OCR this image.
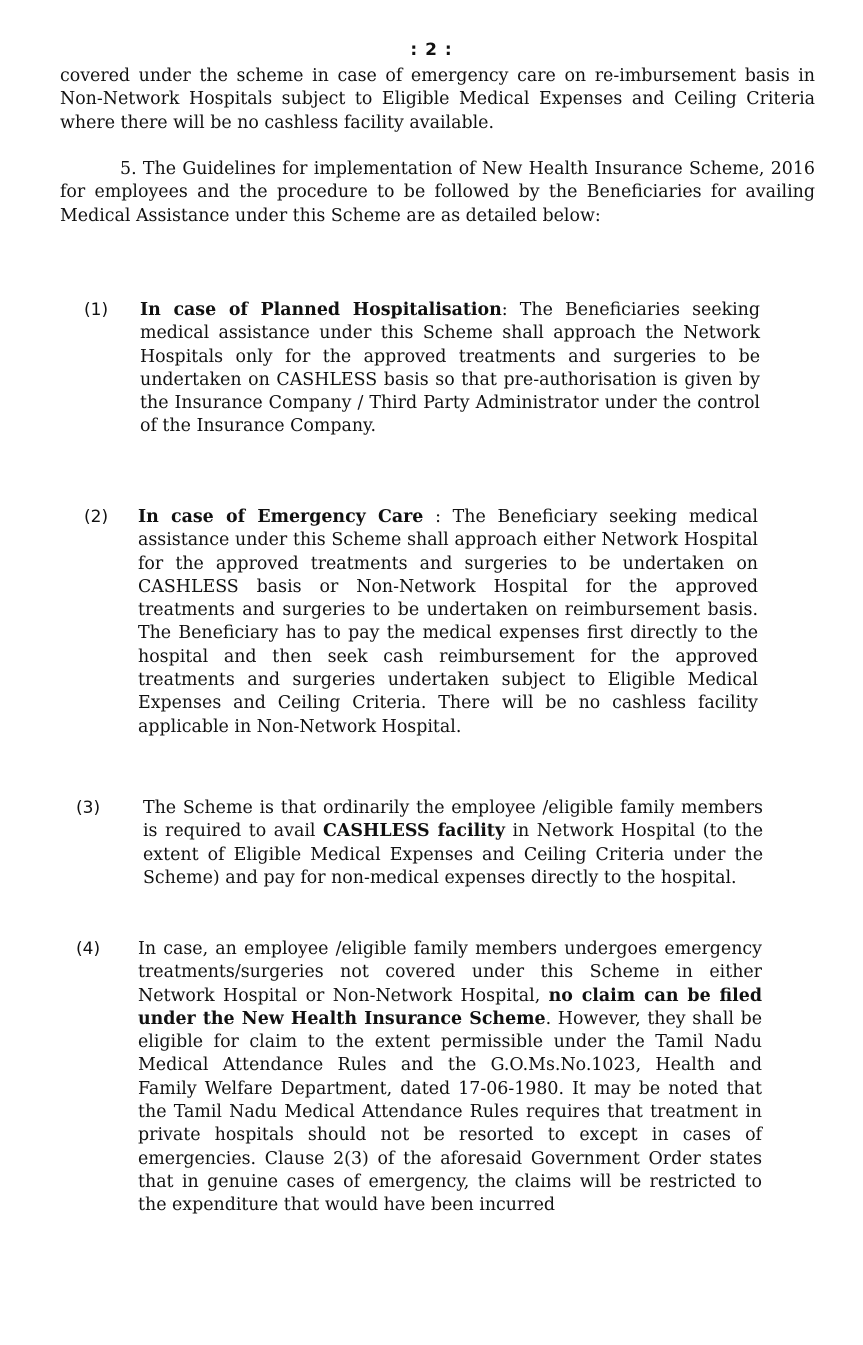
: 2 :
covered under the scheme in case of emergency care on re-imbursement basis in Non-Network Hospitals subject to Eligible Medical Expenses and Ceiling Criteria where there will be no cashless facility available.
5. The Guidelines for implementation of New Health Insurance Scheme, 2016 for employees and the procedure to be followed by the Beneficiaries for availing Medical Assistance under this Scheme are as detailed below:
(1) In case of Planned Hospitalisation: The Beneficiaries seeking medical assistance under this Scheme shall approach the Network Hospitals only for the approved treatments and surgeries to be undertaken on CASHLESS basis so that pre-authorisation is given by the Insurance Company / Third Party Administrator under the control of the Insurance Company.
(2) In case of Emergency Care : The Beneficiary seeking medical assistance under this Scheme shall approach either Network Hospital for the approved treatments and surgeries to be undertaken on CASHLESS basis or Non-Network Hospital for the approved treatments and surgeries to be undertaken on reimbursement basis. The Beneficiary has to pay the medical expenses first directly to the hospital and then seek cash reimbursement for the approved treatments and surgeries undertaken subject to Eligible Medical Expenses and Ceiling Criteria. There will be no cashless facility applicable in Non-Network Hospital.
(3) The Scheme is that ordinarily the employee /eligible family members is required to avail CASHLESS facility in Network Hospital (to the extent of Eligible Medical Expenses and Ceiling Criteria under the Scheme) and pay for non-medical expenses directly to the hospital.
(4) In case, an employee /eligible family members undergoes emergency treatments/surgeries not covered under this Scheme in either Network Hospital or Non-Network Hospital, no claim can be filed under the New Health Insurance Scheme. However, they shall be eligible for claim to the extent permissible under the Tamil Nadu Medical Attendance Rules and the G.O.Ms.No.1023, Health and Family Welfare Department, dated 17-06-1980. It may be noted that the Tamil Nadu Medical Attendance Rules requires that treatment in private hospitals should not be resorted to except in cases of emergencies. Clause 2(3) of the aforesaid Government Order states that in genuine cases of emergency, the claims will be restricted to the expenditure that would have been incurred
